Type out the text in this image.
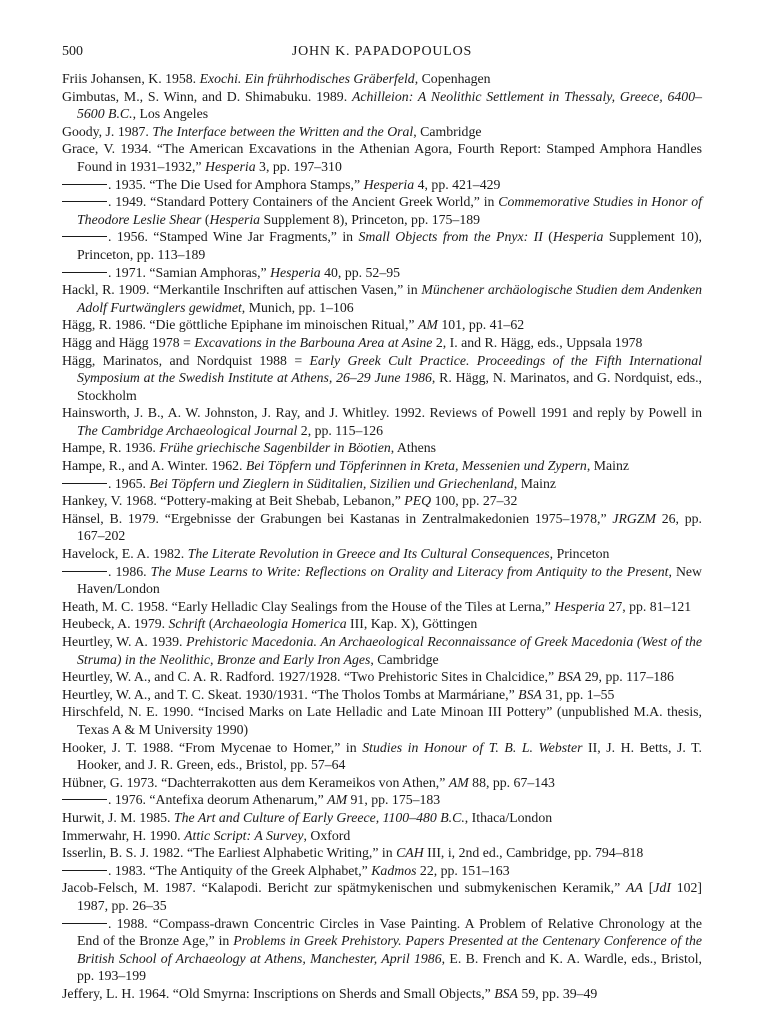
500	JOHN K. PAPADOPOULOS
Friis Johansen, K. 1958. Exochi. Ein frührhodisches Gräberfeld, Copenhagen
Gimbutas, M., S. Winn, and D. Shimabuku. 1989. Achilleion: A Neolithic Settlement in Thessaly, Greece, 6400–5600 B.C., Los Angeles
Goody, J. 1987. The Interface between the Written and the Oral, Cambridge
Grace, V. 1934. “The American Excavations in the Athenian Agora, Fourth Report: Stamped Amphora Handles Found in 1931–1932,” Hesperia 3, pp. 197–310
. 1935. “The Die Used for Amphora Stamps,” Hesperia 4, pp. 421–429
. 1949. “Standard Pottery Containers of the Ancient Greek World,” in Commemorative Studies in Honor of Theodore Leslie Shear (Hesperia Supplement 8), Princeton, pp. 175–189
. 1956. “Stamped Wine Jar Fragments,” in Small Objects from the Pnyx: II (Hesperia Supplement 10), Princeton, pp. 113–189
. 1971. “Samian Amphoras,” Hesperia 40, pp. 52–95
Hackl, R. 1909. “Merkantile Inschriften auf attischen Vasen,” in Münchener archäologische Studien dem Andenken Adolf Furtwänglers gewidmet, Munich, pp. 1–106
Hägg, R. 1986. “Die göttliche Epiphane im minoischen Ritual,” AM 101, pp. 41–62
Hägg and Hägg 1978 = Excavations in the Barbouna Area at Asine 2, I. and R. Hägg, eds., Uppsala 1978
Hägg, Marinatos, and Nordquist 1988 = Early Greek Cult Practice. Proceedings of the Fifth International Symposium at the Swedish Institute at Athens, 26–29 June 1986, R. Hägg, N. Marinatos, and G. Nordquist, eds., Stockholm
Hainsworth, J. B., A. W. Johnston, J. Ray, and J. Whitley. 1992. Reviews of Powell 1991 and reply by Powell in The Cambridge Archaeological Journal 2, pp. 115–126
Hampe, R. 1936. Frühe griechische Sagenbilder in Böotien, Athens
Hampe, R., and A. Winter. 1962. Bei Töpfern und Töpferinnen in Kreta, Messenien und Zypern, Mainz
. 1965. Bei Töpfern und Zieglern in Süditalien, Sizilien und Griechenland, Mainz
Hankey, V. 1968. “Pottery-making at Beit Shebab, Lebanon,” PEQ 100, pp. 27–32
Hänsel, B. 1979. “Ergebnisse der Grabungen bei Kastanas in Zentralmakedonien 1975–1978,” JRGZM 26, pp. 167–202
Havelock, E. A. 1982. The Literate Revolution in Greece and Its Cultural Consequences, Princeton
. 1986. The Muse Learns to Write: Reflections on Orality and Literacy from Antiquity to the Present, New Haven/London
Heath, M. C. 1958. “Early Helladic Clay Sealings from the House of the Tiles at Lerna,” Hesperia 27, pp. 81–121
Heubeck, A. 1979. Schrift (Archaeologia Homerica III, Kap. X), Göttingen
Heurtley, W. A. 1939. Prehistoric Macedonia. An Archaeological Reconnaissance of Greek Macedonia (West of the Struma) in the Neolithic, Bronze and Early Iron Ages, Cambridge
Heurtley, W. A., and C. A. R. Radford. 1927/1928. “Two Prehistoric Sites in Chalcidice,” BSA 29, pp. 117–186
Heurtley, W. A., and T. C. Skeat. 1930/1931. “The Tholos Tombs at Marmáriane,” BSA 31, pp. 1–55
Hirschfeld, N. E. 1990. “Incised Marks on Late Helladic and Late Minoan III Pottery” (unpublished M.A. thesis, Texas A & M University 1990)
Hooker, J. T. 1988. “From Mycenae to Homer,” in Studies in Honour of T. B. L. Webster II, J. H. Betts, J. T. Hooker, and J. R. Green, eds., Bristol, pp. 57–64
Hübner, G. 1973. “Dachterrakotten aus dem Kerameikos von Athen,” AM 88, pp. 67–143
. 1976. “Antefixa deorum Athenarum,” AM 91, pp. 175–183
Hurwit, J. M. 1985. The Art and Culture of Early Greece, 1100–480 B.C., Ithaca/London
Immerwahr, H. 1990. Attic Script: A Survey, Oxford
Isserlin, B. S. J. 1982. “The Earliest Alphabetic Writing,” in CAH III, i, 2nd ed., Cambridge, pp. 794–818
. 1983. “The Antiquity of the Greek Alphabet,” Kadmos 22, pp. 151–163
Jacob-Felsch, M. 1987. “Kalapodi. Bericht zur spätmykenischen und submykenischen Keramik,” AA [JdI 102] 1987, pp. 26–35
. 1988. “Compass-drawn Concentric Circles in Vase Painting. A Problem of Relative Chronology at the End of the Bronze Age,” in Problems in Greek Prehistory. Papers Presented at the Centenary Conference of the British School of Archaeology at Athens, Manchester, April 1986, E. B. French and K. A. Wardle, eds., Bristol, pp. 193–199
Jeffery, L. H. 1964. “Old Smyrna: Inscriptions on Sherds and Small Objects,” BSA 59, pp. 39–49
